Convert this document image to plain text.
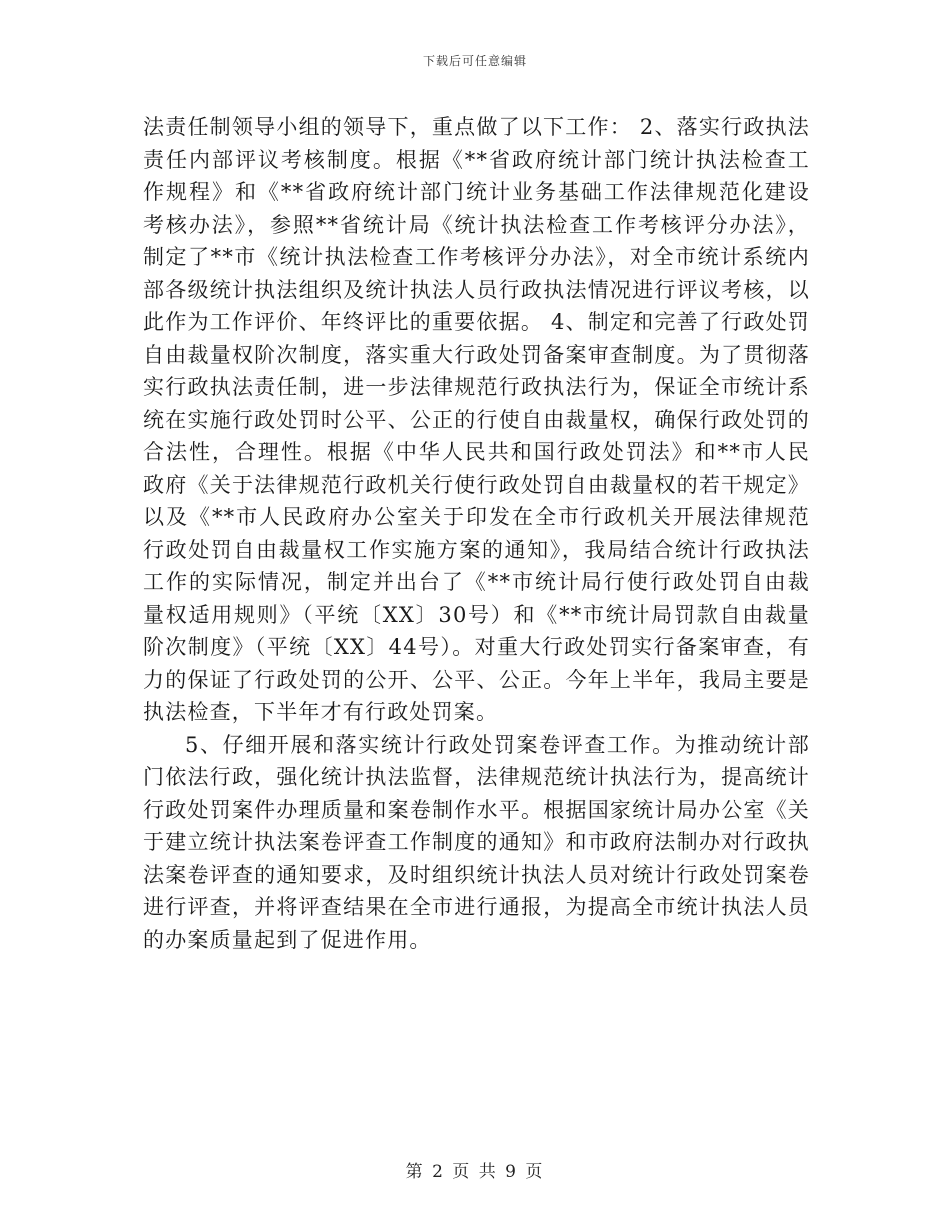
下载后可任意编辑

法责任制领导小组的领导下，重点做了以下工作： 2、落实行政执法责任内部评议考核制度。根据《**省政府统计部门统计执法检查工作规程》和《**省政府统计部门统计业务基础工作法律规范化建设考核办法》，参照**省统计局《统计执法检查工作考核评分办法》，制定了**市《统计执法检查工作考核评分办法》，对全市统计系统内部各级统计执法组织及统计执法人员行政执法情况进行评议考核，以此作为工作评价、年终评比的重要依据。 4、制定和完善了行政处罚自由裁量权阶次制度，落实重大行政处罚备案审查制度。为了贯彻落实行政执法责任制，进一步法律规范行政执法行为，保证全市统计系统在实施行政处罚时公平、公正的行使自由裁量权，确保行政处罚的合法性，合理性。根据《中华人民共和国行政处罚法》和**市人民政府《关于法律规范行政机关行使行政处罚自由裁量权的若干规定》以及《**市人民政府办公室关于印发在全市行政机关开展法律规范行政处罚自由裁量权工作实施方案的通知》，我局结合统计行政执法工作的实际情况，制定并出台了《**市统计局行使行政处罚自由裁量权适用规则》（平统〔XX〕30号）和《**市统计局罚款自由裁量阶次制度》（平统〔XX〕44号）。对重大行政处罚实行备案审查，有力的保证了行政处罚的公开、公平、公正。今年上半年，我局主要是执法检查，下半年才有行政处罚案。

5、仔细开展和落实统计行政处罚案卷评查工作。为推动统计部门依法行政，强化统计执法监督，法律规范统计执法行为，提高统计行政处罚案件办理质量和案卷制作水平。根据国家统计局办公室《关于建立统计执法案卷评查工作制度的通知》和市政府法制办对行政执法案卷评查的通知要求，及时组织统计执法人员对统计行政处罚案卷进行评查，并将评查结果在全市进行通报，为提高全市统计执法人员的办案质量起到了促进作用。

第 2 页 共 9 页
